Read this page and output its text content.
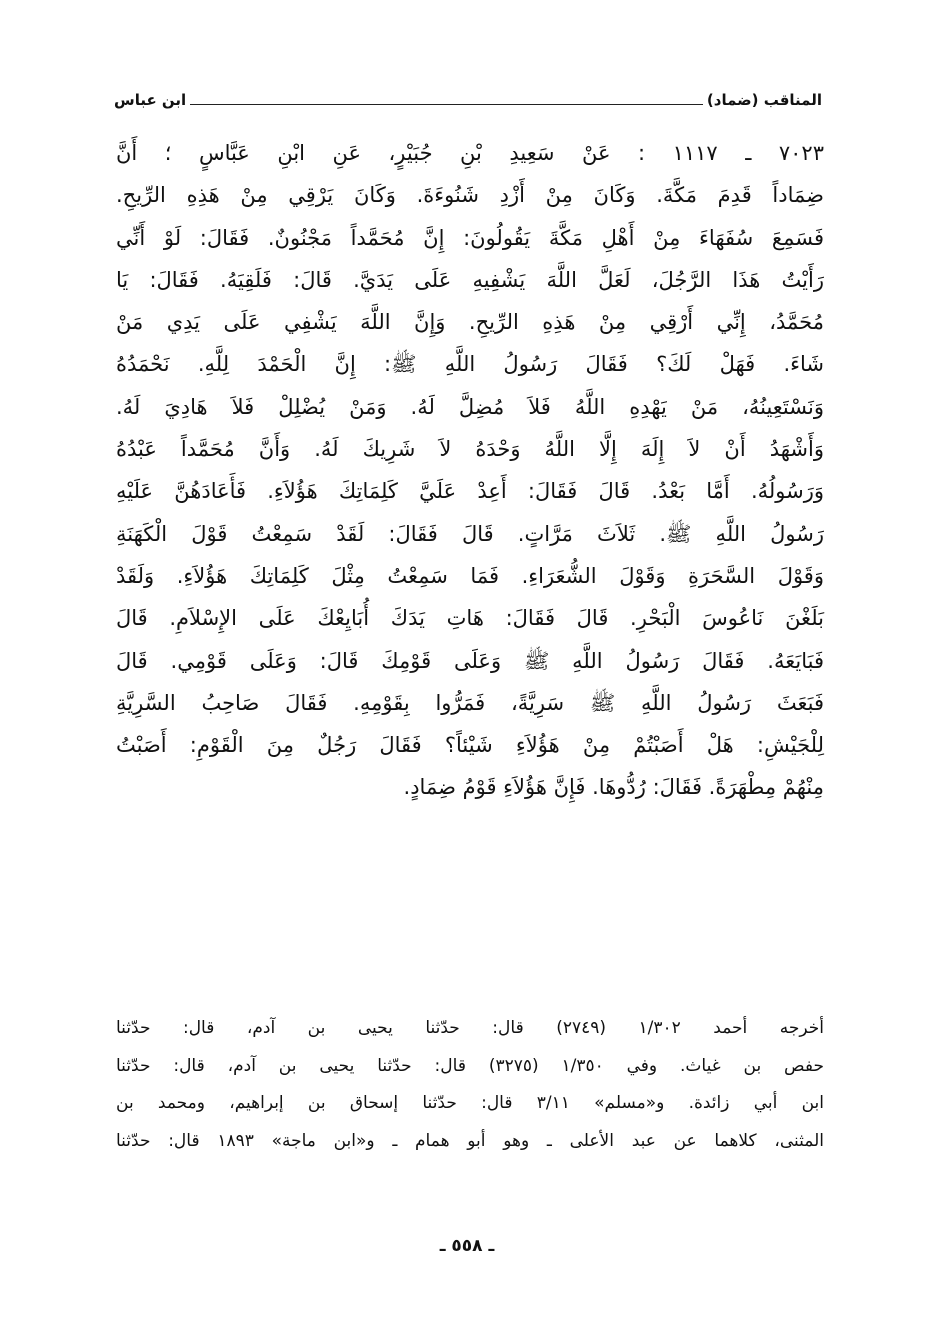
المناقب (ضماد)
ابن عباس
٧٠٢٣ ـ ١١١٧ : عَنْ سَعِيدِ بْنِ جُبَيْرٍ، عَنِ ابْنِ عَبَّاسٍ ؛ أَنَّ
ضِمَاداً قَدِمَ مَكَّةَ. وَكَانَ مِنْ أَزْدِ شَنُوءَةَ. وَكَانَ يَرْقِي مِنْ هَذِهِ الرِّيحِ.
فَسَمِعَ سُفَهَاءَ مِنْ أَهْلِ مَكَّةَ يَقُولُونَ: إِنَّ مُحَمَّداً مَجْنُونٌ. فَقَالَ: لَوْ أَنِّي
رَأَيْتُ هَذَا الرَّجُلَ، لَعَلَّ اللَّهَ يَشْفِيهِ عَلَى يَدَيَّ. قَالَ: فَلَقِيَهُ. فَقَالَ: يَا
مُحَمَّدُ، إِنِّي أَرْقِي مِنْ هَذِهِ الرِّيحِ. وَإِنَّ اللَّهَ يَشْفِي عَلَى يَدِي مَنْ
شَاءَ. فَهَلْ لَكَ؟ فَقَالَ رَسُولُ اللَّهِ ﷺ: إِنَّ الْحَمْدَ لِلَّهِ. نَحْمَدُهُ
وَنَسْتَعِينُهُ، مَنْ يَهْدِهِ اللَّهُ فَلاَ مُضِلَّ لَهُ. وَمَنْ يُضْلِلْ فَلاَ هَادِيَ لَهُ.
وَأَشْهَدُ أَنْ لاَ إِلَهَ إِلَّا اللَّهُ وَحْدَهُ لاَ شَرِيكَ لَهُ. وَأَنَّ مُحَمَّداً عَبْدُهُ
وَرَسُولُهُ. أَمَّا بَعْدُ. قَالَ فَقَالَ: أَعِدْ عَلَيَّ كَلِمَاتِكَ هَؤُلاَءِ. فَأَعَادَهُنَّ عَلَيْهِ
رَسُولُ اللَّهِ ﷺ. ثَلاَثَ مَرَّاتٍ. قَالَ فَقَالَ: لَقَدْ سَمِعْتُ قَوْلَ الْكَهَنَةِ
وَقَوْلَ السَّحَرَةِ وَقَوْلَ الشُّعَرَاءِ. فَمَا سَمِعْتُ مِثْلَ كَلِمَاتِكَ هَؤُلاَءِ. وَلَقَدْ
بَلَغْنَ نَاعُوسَ الْبَحْرِ. قَالَ فَقَالَ: هَاتِ يَدَكَ أُبَايِعْكَ عَلَى الإِسْلاَمِ. قَالَ
فَبَايَعَهُ. فَقَالَ رَسُولُ اللَّهِ ﷺ وَعَلَى قَوْمِكَ قَالَ: وَعَلَى قَوْمِي. قَالَ
فَبَعَثَ رَسُولُ اللَّهِ ﷺ سَرِيَّةً، فَمَرُّوا بِقَوْمِهِ. فَقَالَ صَاحِبُ السَّرِيَّةِ
لِلْجَيْشِ: هَلْ أَصَبْتُمْ مِنْ هَؤُلاَءِ شَيْئاً؟ فَقَالَ رَجُلٌ مِنَ الْقَوْمِ: أَصَبْتُ
مِنْهُمْ مِطْهَرَةً. فَقَالَ: رُدُّوهَا. فَإِنَّ هَؤُلاَءِ قَوْمُ ضِمَادٍ.
أخرجه أحمد ١/٣٠٢ (٢٧٤٩) قال: حدّثنا يحيى بن آدم، قال: حدّثنا
حفص بن غياث. وفي ١/٣٥٠ (٣٢٧٥) قال: حدّثنا يحيى بن آدم، قال: حدّثنا
ابن أبي زائدة. و«مسلم» ٣/١١ قال: حدّثنا إسحاق بن إبراهيم، ومحمد بن
المثنى، كلاهما عن عبد الأعلى ـ وهو أبو همام ـ و«ابن ماجة» ١٨٩٣ قال: حدّثنا
ـ ٥٥٨ ـ
